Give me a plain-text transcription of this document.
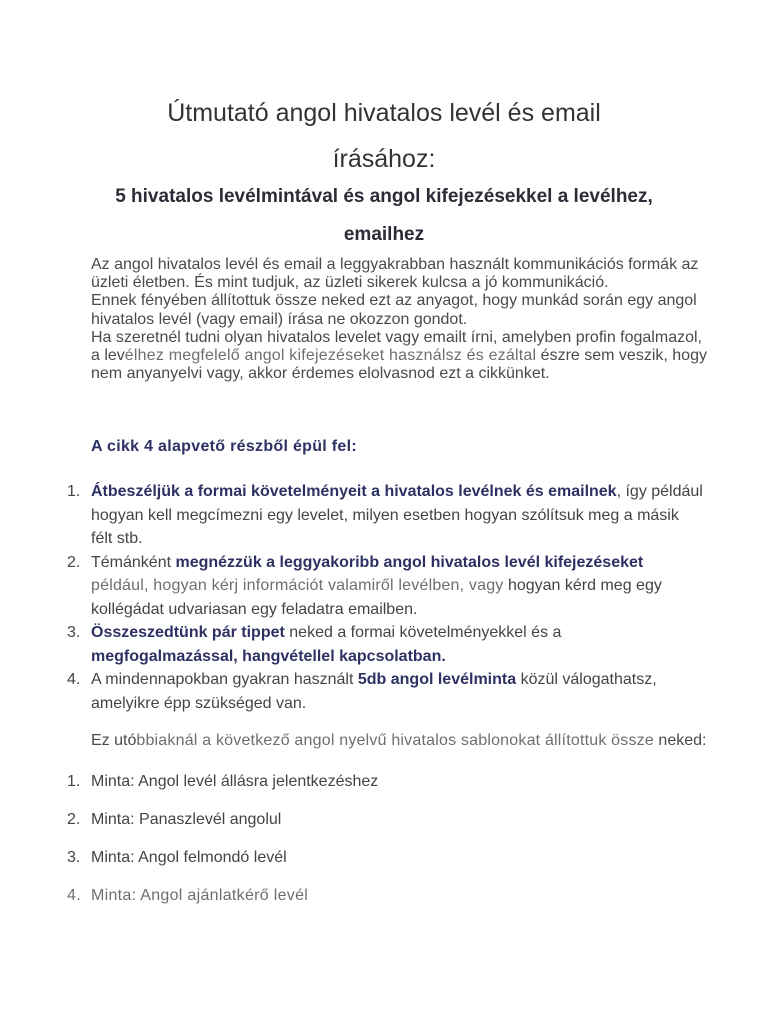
Útmutató angol hivatalos levél és email
írásához:
5 hivatalos levélmintával és angol kifejezésekkel a levélhez,
emailhez

Az angol hivatalos levél és email a leggyakrabban használt kommunikációs formák az üzleti életben. És mint tudjuk, az üzleti sikerek kulcsa a jó kommunikáció.

Ennek fényében állítottuk össze neked ezt az anyagot, hogy munkád során egy angol hivatalos levél (vagy email) írása ne okozzon gondot.

Ha szeretnél tudni olyan hivatalos levelet vagy emailt írni, amelyben profin fogalmazol, a levélhez megfelelő angol kifejezéseket használsz és ezáltal észre sem veszik, hogy nem anyanyelvi vagy, akkor érdemes elolvasnod ezt a cikkünket.

A cikk 4 alapvető részből épül fel:
1. Átbeszéljük a formai követelményeit a hivatalos levélnek és emailnek, így például hogyan kell megcímezni egy levelet, milyen esetben hogyan szólítsuk meg a másik félt stb.
2. Témánként megnézzük a leggyakoribb angol hivatalos levél kifejezéseket például, hogyan kérj információt valamiről levélben, vagy hogyan kérd meg egy kollégádat udvariasan egy feladatra emailben.
3. Összeszedtünk pár tippet neked a formai követelményekkel és a megfogalmazással, hangvétellel kapcsolatban.
4. A mindennapokban gyakran használt 5db angol levélminta közül válogathatsz, amelyikre épp szükséged van.

Ez utóbbiaknál a következő angol nyelvű hivatalos sablonokat állítottuk össze neked:

1. Minta: Angol levél állásra jelentkezéshez
2. Minta: Panaszlevél angolul
3. Minta: Angol felmondó levél
4. Minta: Angol ajánlatkérő levél
